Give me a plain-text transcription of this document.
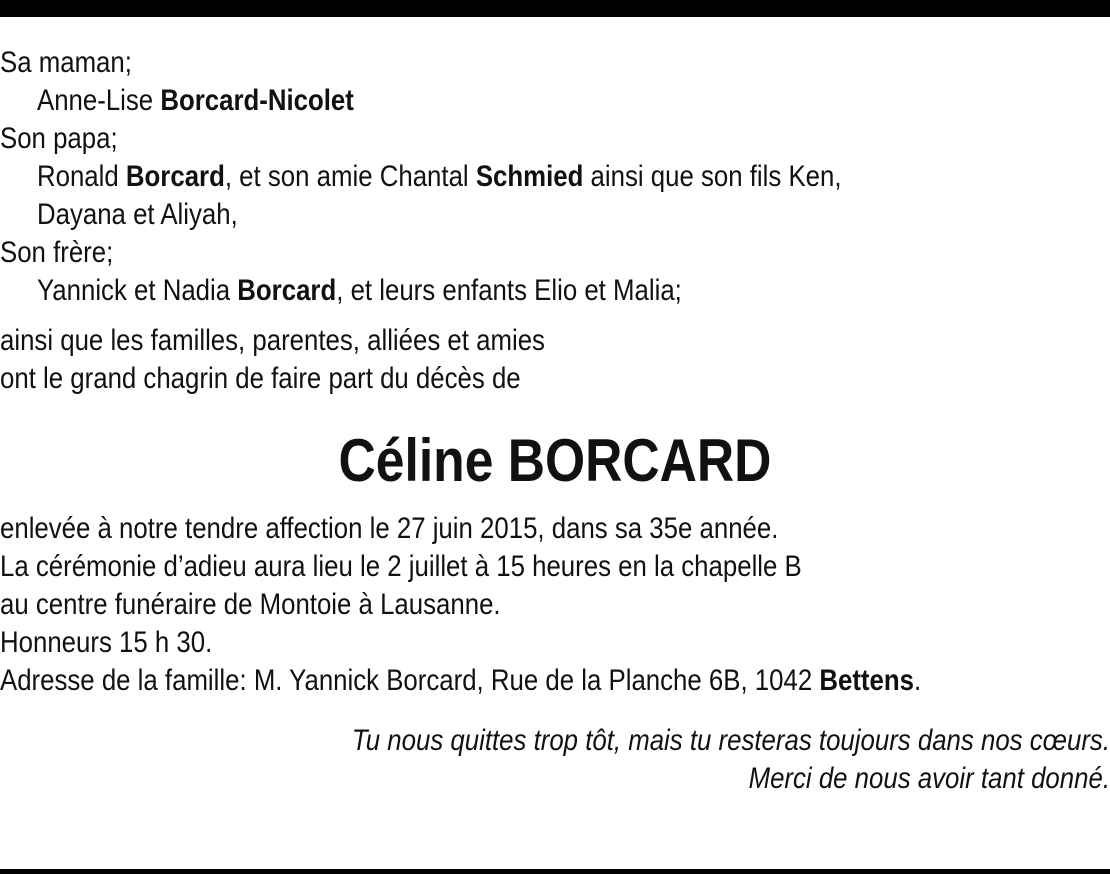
Sa maman;
Anne-Lise Borcard-Nicolet
Son papa;
Ronald Borcard, et son amie Chantal Schmied ainsi que son fils Ken,
Dayana et Aliyah,
Son frère;
Yannick et Nadia Borcard, et leurs enfants Elio et Malia;
ainsi que les familles, parentes, alliées et amies
ont le grand chagrin de faire part du décès de
Céline BORCARD
enlevée à notre tendre affection le 27 juin 2015, dans sa 35e année.
La cérémonie d’adieu aura lieu le 2 juillet à 15 heures en la chapelle B
au centre funéraire de Montoie à Lausanne.
Honneurs 15 h 30.
Adresse de la famille: M. Yannick Borcard, Rue de la Planche 6B, 1042 Bettens.
Tu nous quittes trop tôt, mais tu resteras toujours dans nos cœurs.
Merci de nous avoir tant donné.
